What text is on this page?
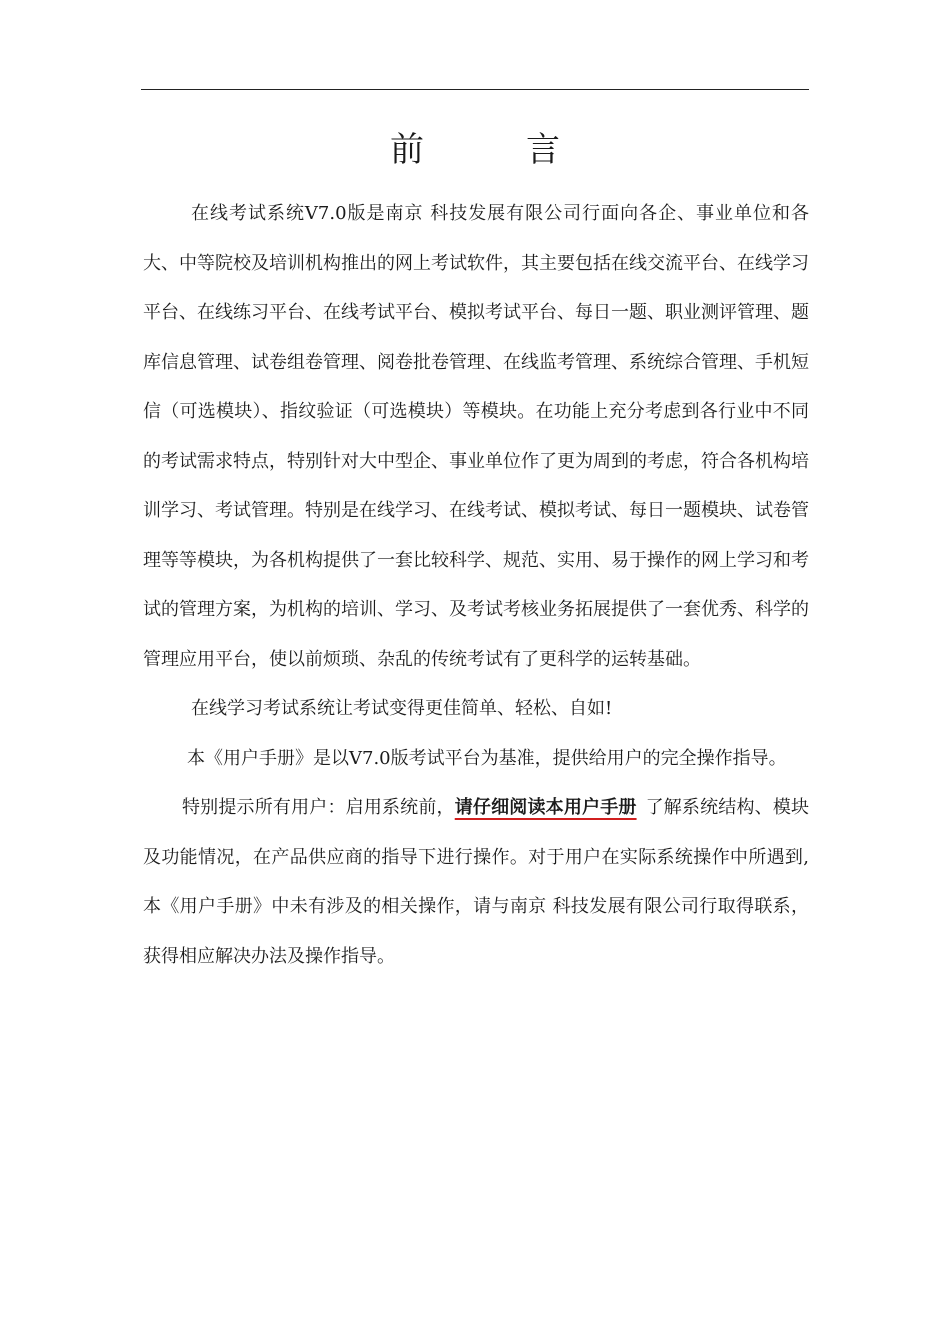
前　言

在线考试系统V7.0版是南京 科技发展有限公司行面向各企、事业单位和各大、中等院校及培训机构推出的网上考试软件，其主要包括在线交流平台、在线学习平台、在线练习平台、在线考试平台、模拟考试平台、每日一题、职业测评管理、题库信息管理、试卷组卷管理、阅卷批卷管理、在线监考管理、系统综合管理、手机短信（可选模块）、指纹验证（可选模块）等模块。在功能上充分考虑到各行业中不同的考试需求特点，特别针对大中型企、事业单位作了更为周到的考虑，符合各机构培训学习、考试管理。特别是在线学习、在线考试、模拟考试、每日一题模块、试卷管理等等模块，为各机构提供了一套比较科学、规范、实用、易于操作的网上学习和考试的管理方案，为机构的培训、学习、及考试考核业务拓展提供了一套优秀、科学的管理应用平台，使以前烦琐、杂乱的传统考试有了更科学的运转基础。

在线学习考试系统让考试变得更佳简单、轻松、自如!

本《用户手册》是以V7.0版考试平台为基准，提供给用户的完全操作指导。

特别提示所有用户：启用系统前，请仔细阅读本用户手册 了解系统结构、模块及功能情况，在产品供应商的指导下进行操作。对于用户在实际系统操作中所遇到,本《用户手册》中未有涉及的相关操作，请与南京 科技发展有限公司行取得联系，获得相应解决办法及操作指导。
